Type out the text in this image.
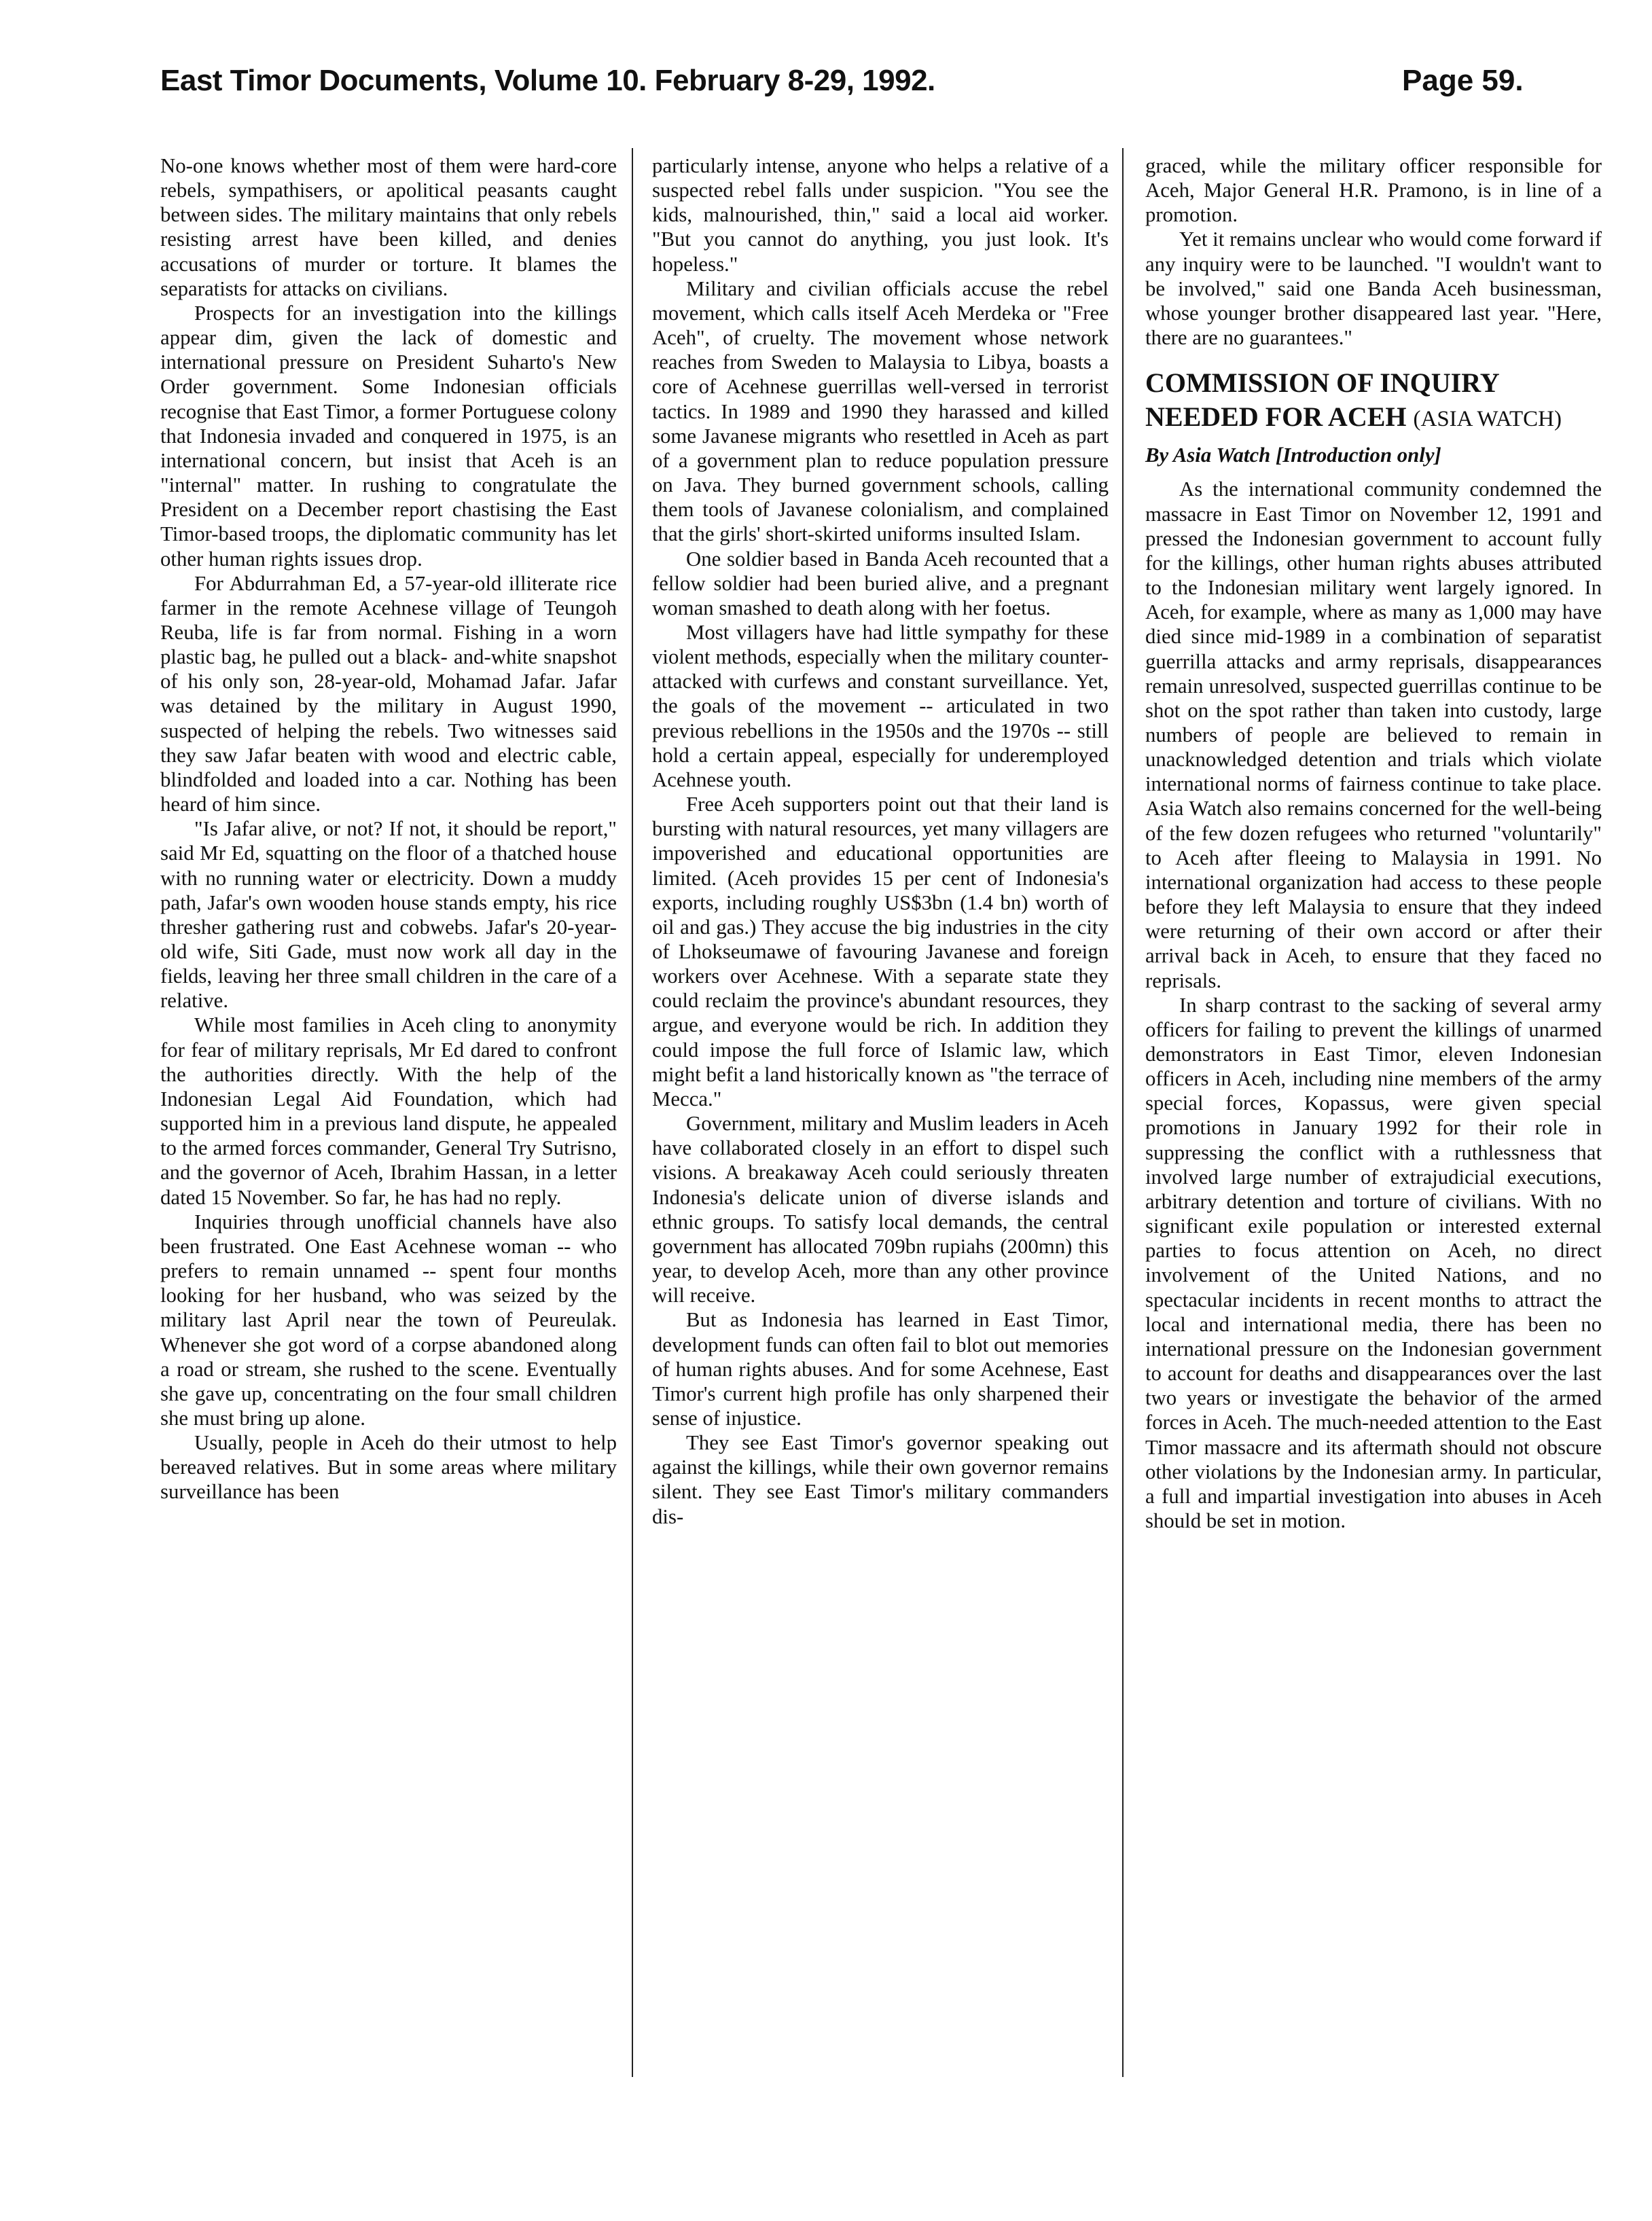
East Timor Documents, Volume 10. February 8-29, 1992.	Page 59.

No-one knows whether most of them were hard-core rebels, sympathisers, or apolitical peasants caught between sides. The military maintains that only rebels resisting arrest have been killed, and denies accusations of murder or torture. It blames the separatists for attacks on civilians.

Prospects for an investigation into the killings appear dim, given the lack of domestic and international pressure on President Suharto's New Order government. Some Indonesian officials recognise that East Timor, a former Portuguese colony that Indonesia invaded and conquered in 1975, is an international concern, but insist that Aceh is an "internal" matter. In rushing to congratulate the President on a December report chastising the East Timor-based troops, the diplomatic community has let other human rights issues drop.

For Abdurrahman Ed, a 57-year-old illiterate rice farmer in the remote Acehnese village of Teungoh Reuba, life is far from normal. Fishing in a worn plastic bag, he pulled out a black- and-white snapshot of his only son, 28-year-old, Mohamad Jafar. Jafar was detained by the military in August 1990, suspected of helping the rebels. Two witnesses said they saw Jafar beaten with wood and electric cable, blindfolded and loaded into a car. Nothing has been heard of him since.

"Is Jafar alive, or not? If not, it should be report," said Mr Ed, squatting on the floor of a thatched house with no running water or electricity. Down a muddy path, Jafar's own wooden house stands empty, his rice thresher gathering rust and cobwebs. Jafar's 20-year-old wife, Siti Gade, must now work all day in the fields, leaving her three small children in the care of a relative.

While most families in Aceh cling to anonymity for fear of military reprisals, Mr Ed dared to confront the authorities directly. With the help of the Indonesian Legal Aid Foundation, which had supported him in a previous land dispute, he appealed to the armed forces commander, General Try Sutrisno, and the governor of Aceh, Ibrahim Hassan, in a letter dated 15 November. So far, he has had no reply.

Inquiries through unofficial channels have also been frustrated. One East Acehnese woman -- who prefers to remain unnamed -- spent four months looking for her husband, who was seized by the military last April near the town of Peureulak. Whenever she got word of a corpse abandoned along a road or stream, she rushed to the scene. Eventually she gave up, concentrating on the four small children she must bring up alone.

Usually, people in Aceh do their utmost to help bereaved relatives. But in some areas where military surveillance has been

particularly intense, anyone who helps a relative of a suspected rebel falls under suspicion. "You see the kids, malnourished, thin," said a local aid worker. "But you cannot do anything, you just look. It's hopeless."

Military and civilian officials accuse the rebel movement, which calls itself Aceh Merdeka or "Free Aceh", of cruelty. The movement whose network reaches from Sweden to Malaysia to Libya, boasts a core of Acehnese guerrillas well-versed in terrorist tactics. In 1989 and 1990 they harassed and killed some Javanese migrants who resettled in Aceh as part of a government plan to reduce population pressure on Java. They burned government schools, calling them tools of Javanese colonialism, and complained that the girls' short-skirted uniforms insulted Islam.

One soldier based in Banda Aceh recounted that a fellow soldier had been buried alive, and a pregnant woman smashed to death along with her foetus.

Most villagers have had little sympathy for these violent methods, especially when the military counter-attacked with curfews and constant surveillance. Yet, the goals of the movement -- articulated in two previous rebellions in the 1950s and the 1970s -- still hold a certain appeal, especially for underemployed Acehnese youth.

Free Aceh supporters point out that their land is bursting with natural resources, yet many villagers are impoverished and educational opportunities are limited. (Aceh provides 15 per cent of Indonesia's exports, including roughly US$3bn (1.4 bn) worth of oil and gas.) They accuse the big industries in the city of Lhokseumawe of favouring Javanese and foreign workers over Acehnese. With a separate state they could reclaim the province's abundant resources, they argue, and everyone would be rich. In addition they could impose the full force of Islamic law, which might befit a land historically known as "the terrace of Mecca."

Government, military and Muslim leaders in Aceh have collaborated closely in an effort to dispel such visions. A breakaway Aceh could seriously threaten Indonesia's delicate union of diverse islands and ethnic groups. To satisfy local demands, the central government has allocated 709bn rupiahs (200mn) this year, to develop Aceh, more than any other province will receive.

But as Indonesia has learned in East Timor, development funds can often fail to blot out memories of human rights abuses. And for some Acehnese, East Timor's current high profile has only sharpened their sense of injustice.

They see East Timor's governor speaking out against the killings, while their own governor remains silent. They see East Timor's military commanders dis-

graced, while the military officer responsible for Aceh, Major General H.R. Pramono, is in line of a promotion.

Yet it remains unclear who would come forward if any inquiry were to be launched. "I wouldn't want to be involved," said one Banda Aceh businessman, whose younger brother disappeared last year. "Here, there are no guarantees."

COMMISSION OF INQUIRY NEEDED FOR ACEH (ASIA WATCH)
By Asia Watch [Introduction only]

As the international community condemned the massacre in East Timor on November 12, 1991 and pressed the Indonesian government to account fully for the killings, other human rights abuses attributed to the Indonesian military went largely ignored. In Aceh, for example, where as many as 1,000 may have died since mid-1989 in a combination of separatist guerrilla attacks and army reprisals, disappearances remain unresolved, suspected guerrillas continue to be shot on the spot rather than taken into custody, large numbers of people are believed to remain in unacknowledged detention and trials which violate international norms of fairness continue to take place. Asia Watch also remains concerned for the well-being of the few dozen refugees who returned "voluntarily" to Aceh after fleeing to Malaysia in 1991. No international organization had access to these people before they left Malaysia to ensure that they indeed were returning of their own accord or after their arrival back in Aceh, to ensure that they faced no reprisals.

In sharp contrast to the sacking of several army officers for failing to prevent the killings of unarmed demonstrators in East Timor, eleven Indonesian officers in Aceh, including nine members of the army special forces, Kopassus, were given special promotions in January 1992 for their role in suppressing the conflict with a ruthlessness that involved large number of extrajudicial executions, arbitrary detention and torture of civilians. With no significant exile population or interested external parties to focus attention on Aceh, no direct involvement of the United Nations, and no spectacular incidents in recent months to attract the local and international media, there has been no international pressure on the Indonesian government to account for deaths and disappearances over the last two years or investigate the behavior of the armed forces in Aceh. The much-needed attention to the East Timor massacre and its aftermath should not obscure other violations by the Indonesian army. In particular, a full and impartial investigation into abuses in Aceh should be set in motion.
